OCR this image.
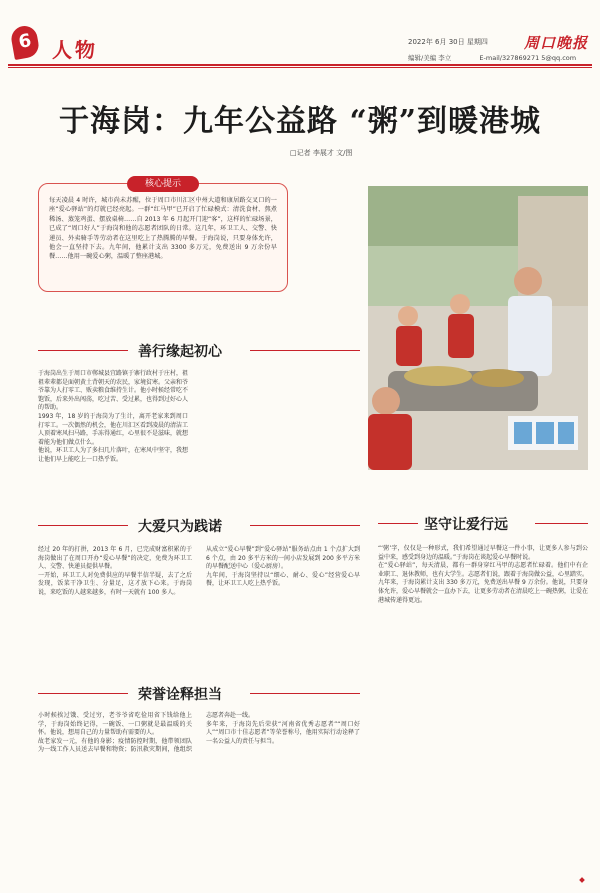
6 人物	2022年 6月 30日 星期四 周口晚报
编辑/美编 李立	E-mail/327869271 5@qq.com
于海岗：九年公益路 “粥”到暖港城
□记者 李展才 文/图
核心提示
每天凌晨 4 时许，城市尚未苏醒，位于周口市川汇区中州大道和康居路交叉口的一座“爱心驿站”的灯就已经亮起。一群“红马甲”已开启了忙碌模式：清洗食材、熬煮稀汤、蒸笼鸡蛋、摆放桌椅……自 2013 年 6 月起开门迎“客”，这样的忙碌场景，已成了“周口好人”于海岗和他的志愿者团队的日常。这几年，环卫工人、交警、快递员、外卖骑手等劳动者在这里吃上了热腾腾的早餐。于海岗说，只要身体允许，他会一直坚持下去。九年间，他累计支出 3300 多万元，免费送出 9 万余份早餐……他用一碗爱心粥，温暖了整座港城。
善行缘起初心
于海岗出生于周口市郸城县宜路镇于寨行政村于庄村，祖祖辈辈都是面朝黄土背朝天的农民，家境贫寒。父亲和爷爷靠为人打零工、贩卖粮食维持生计。他小时候经常吃不饱饭，后来外出闯荡，吃过苦、受过累，也得到过好心人的帮助。
1993 年，18 岁的于海岗为了生计，离开老家来到周口打零工。一次偶然的机会，他在川汇区看到凌晨的清洁工人顶着寒风扫马路，手冻得通红，心里很不是滋味，就想着能为他们做点什么。
他说，环卫工人为了多扫几片落叶，在寒风中坚守，我想让他们早上能吃上一口热乎饭。
大爱只为践诺
经过 20 年的打拼，2013 年 6 月，已完成财富积累的于海岗做出了在周口开办“爱心早餐”的决定，免费为环卫工人、交警、快递员提供早餐。
一开始，环卫工人对免费供应的早餐半信半疑，去了之后发现，饭菜干净卫生、分量足，这才放下心来。于海岗说，来吃饭的人越来越多，有时一天就有 100 多人。
从成立“爱心早餐”到“爱心驿站”服务站点由 1 个点扩大到 6 个点，由 20 多平方米的一间小店发展到 200 多平方米的早餐配送中心（爱心厨房）。
九年间，于海岗坚持以“细心、耐心、爱心”经营爱心早餐，让环卫工人吃上热乎饭。
荣誉诠释担当
小时候挨过饿、受过穷，老爷爷省吃俭用省下钱给他上学，于海岗始终记得，一碗饭、一口粥就是最温暖的关怀。他说，想用自己的力量帮助有需要的人。
故老家发一元，有他的身影；疫情防控时期，他带领团队为一线工作人员送去早餐和物资；防汛救灾期间，他组织志愿者奔赴一线。
多年来，于海岗先后荣获“河南省优秀志愿者”“周口好人”“周口市十佳志愿者”等荣誉称号，他用实际行动诠释了一名公益人的责任与担当。
坚守让爱行远
“‘粥’字，仅仅是一种形式，我们希望通过早餐这一件小事，让更多人参与到公益中来，感受到身边的温暖。”于海岗在谈起爱心早餐时说。
在“爱心驿站”，每天清晨，都有一群身穿红马甲的志愿者忙碌着。他们中有企业职工、退休教师，也有大学生。志愿者们说，跟着于海岗做公益，心里踏实。
九年来，于海岗累计支出 330 多万元，免费送出早餐 9 万余份。他说，只要身体允许，爱心早餐就会一直办下去，让更多劳动者在清晨吃上一碗热粥，让爱在港城传递得更远。
